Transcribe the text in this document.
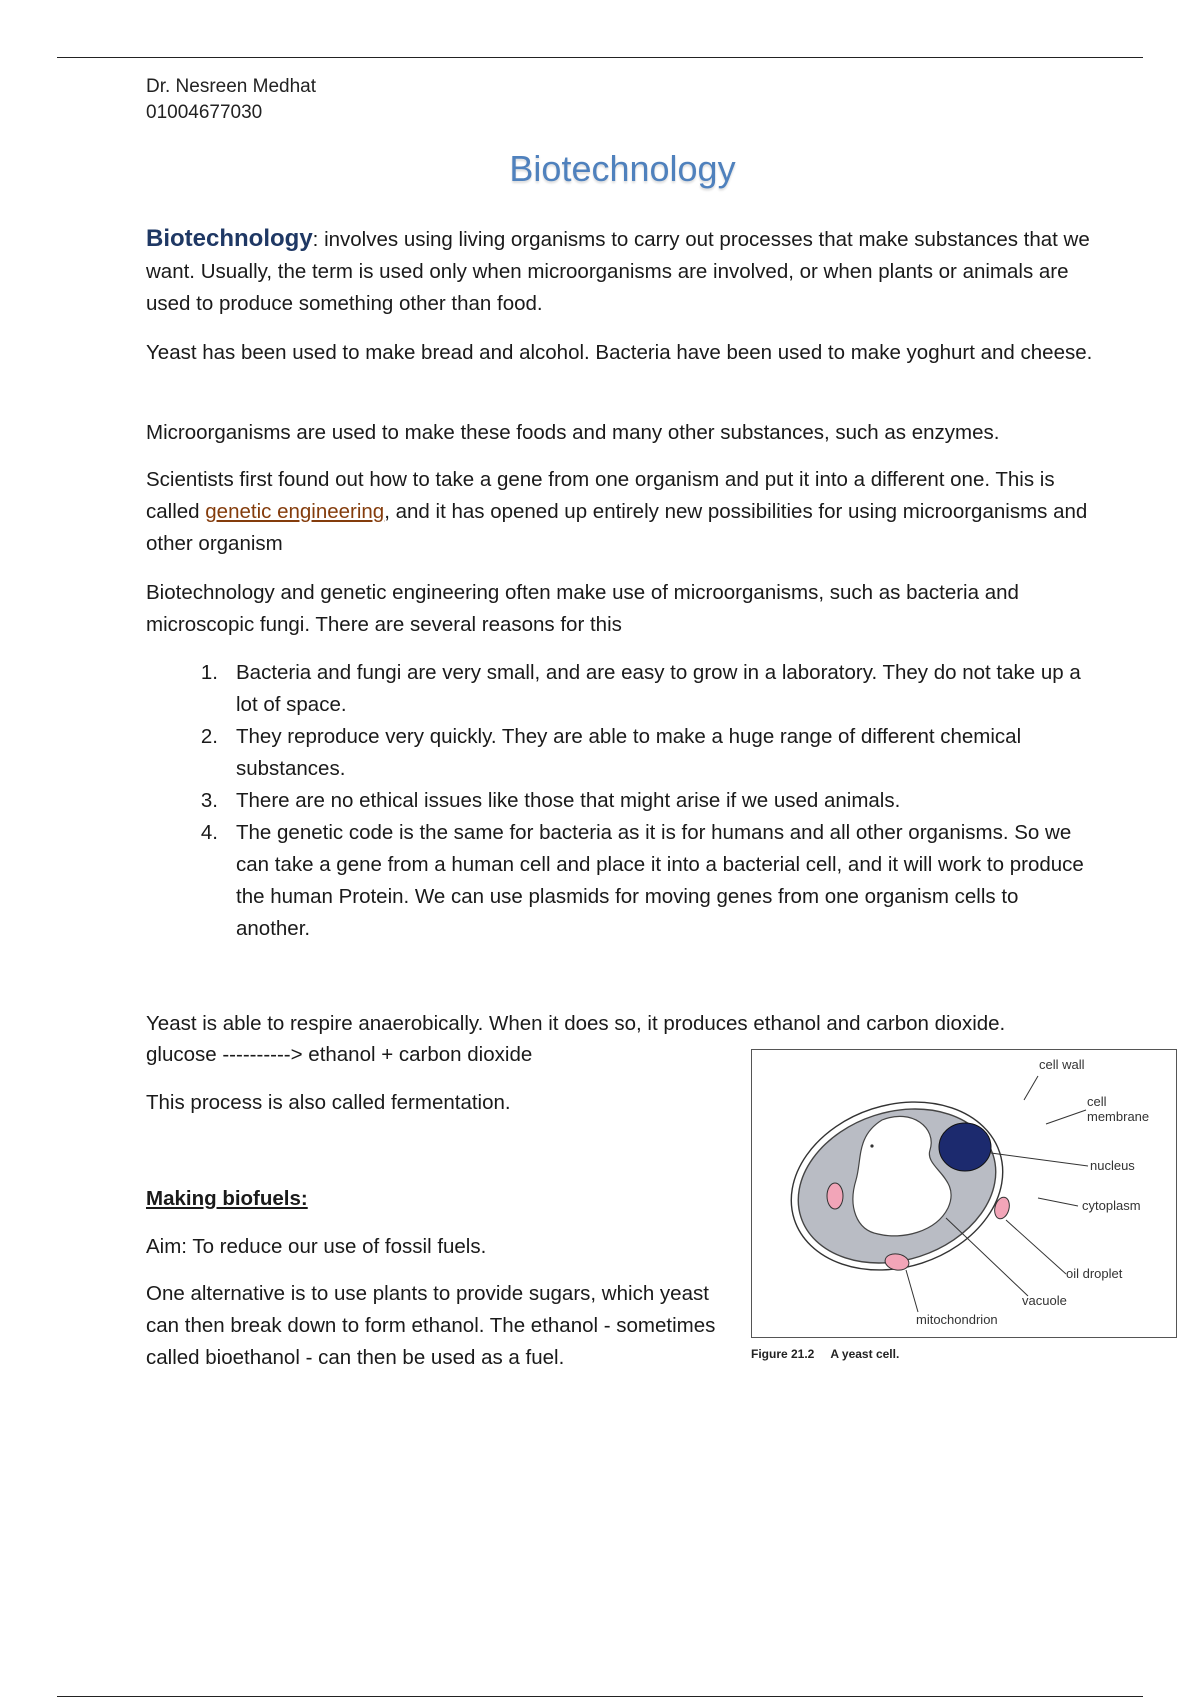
Dr. Nesreen Medhat
01004677030
Biotechnology

Biotechnology: involves using living organisms to carry out processes that make substances that we want. Usually, the term is used only when microorganisms are involved, or when plants or animals are used to produce something other than food.

Yeast has been used to make bread and alcohol. Bacteria have been used to make yoghurt and cheese.
Microorganisms are used to make these foods and many other substances, such as enzymes.

Scientists first found out how to take a gene from one organism and put it into a different one. This is called genetic engineering, and it has opened up entirely new possibilities for using microorganisms and other organism

Biotechnology and genetic engineering often make use of microorganisms, such as bacteria and microscopic fungi. There are several reasons for this
1. Bacteria and fungi are very small, and are easy to grow in a laboratory. They do not take up a lot of space.
2. They reproduce very quickly. They are able to make a huge range of different chemical substances.
3. There are no ethical issues like those that might arise if we used animals.
4. The genetic code is the same for bacteria as it is for humans and all other organisms. So we can take a gene from a human cell and place it into a bacterial cell, and it will work to produce the human Protein. We can use plasmids for moving genes from one organism cells to another.
Yeast is able to respire anaerobically. When it does so, it produces ethanol and carbon dioxide.
glucose ----------> ethanol + carbon dioxide
This process is also called fermentation.
Making biofuels:
Aim: To reduce our use of fossil fuels.
One alternative is to use plants to provide sugars, which yeast can then break down to form ethanol. The ethanol - sometimes called bioethanol - can then be used as a fuel.
cell wall
cell
membrane
nucleus
cytoplasm
oil droplet
vacuole
mitochondrion
Figure 21.2 A yeast cell.
